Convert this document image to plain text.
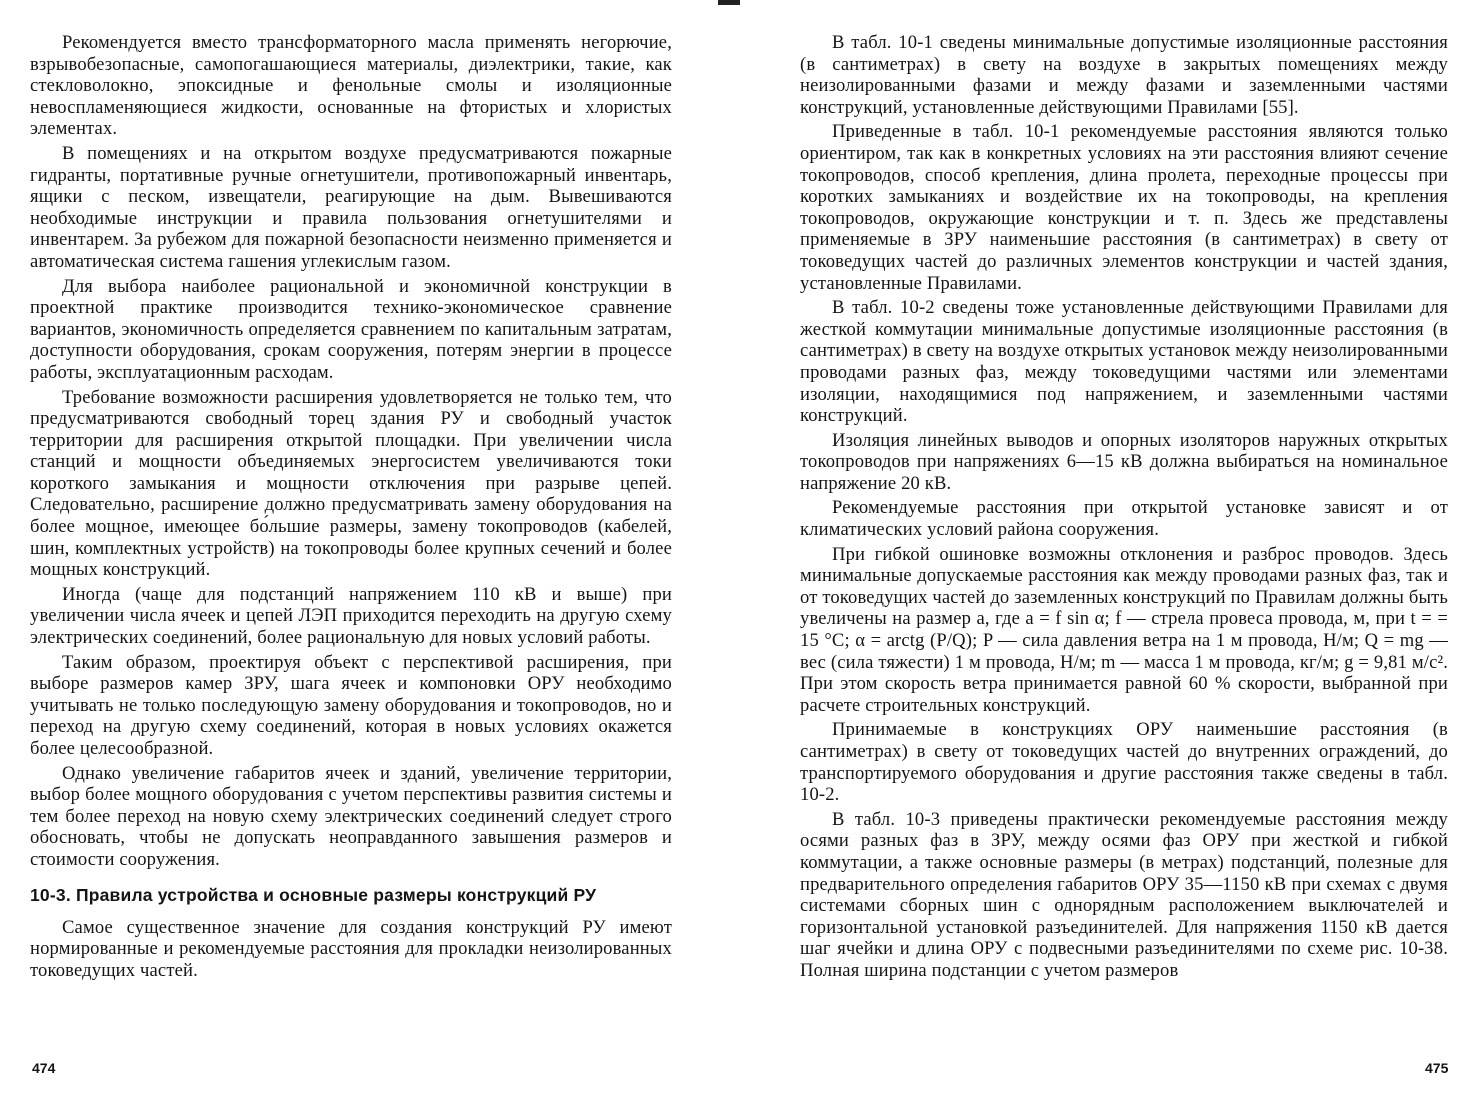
Рекомендуется вместо трансформаторного масла применять негорючие, взрывобезопасные, самопогашающиеся материалы, диэлектрики, такие, как стекловолокно, эпоксидные и фенольные смолы и изоляционные невоспламеняющиеся жидкости, основанные на фтористых и хлористых элементах.

В помещениях и на открытом воздухе предусматриваются пожарные гидранты, портативные ручные огнетушители, противопожарный инвентарь, ящики с песком, извещатели, реагирующие на дым. Вывешиваются необходимые инструкции и правила пользования огнетушителями и инвентарем. За рубежом для пожарной безопасности неизменно применяется и автоматическая система гашения углекислым газом.

Для выбора наиболее рациональной и экономичной конструкции в проектной практике производится технико-экономическое сравнение вариантов, экономичность определяется сравнением по капитальным затратам, доступности оборудования, срокам сооружения, потерям энергии в процессе работы, эксплуатационным расходам.

Требование возможности расширения удовлетворяется не только тем, что предусматриваются свободный торец здания РУ и свободный участок территории для расширения открытой площадки. При увеличении числа станций и мощности объединяемых энергосистем увеличиваются токи короткого замыкания и мощности отключения при разрыве цепей. Следовательно, расширение должно предусматривать замену оборудования на более мощное, имеющее бо́льшие размеры, замену токопроводов (кабелей, шин, комплектных устройств) на токопроводы более крупных сечений и более мощных конструкций.

Иногда (чаще для подстанций напряжением 110 кВ и выше) при увеличении числа ячеек и цепей ЛЭП приходится переходить на другую схему электрических соединений, более рациональную для новых условий работы.

Таким образом, проектируя объект с перспективой расширения, при выборе размеров камер ЗРУ, шага ячеек и компоновки ОРУ необходимо учитывать не только последующую замену оборудования и токопроводов, но и переход на другую схему соединений, которая в новых условиях окажется более целесообразной.

Однако увеличение габаритов ячеек и зданий, увеличение территории, выбор более мощного оборудования с учетом перспективы развития системы и тем более переход на новую схему электрических соединений следует строго обосновать, чтобы не допускать неоправданного завышения размеров и стоимости сооружения.

10-3. Правила устройства и основные размеры конструкций РУ

Самое существенное значение для создания конструкций РУ имеют нормированные и рекомендуемые расстояния для прокладки неизолированных токоведущих частей.

В табл. 10-1 сведены минимальные допустимые изоляционные расстояния (в сантиметрах) в свету на воздухе в закрытых помещениях между неизолированными фазами и между фазами и заземленными частями конструкций, установленные действующими Правилами [55].

Приведенные в табл. 10-1 рекомендуемые расстояния являются только ориентиром, так как в конкретных условиях на эти расстояния влияют сечение токопроводов, способ крепления, длина пролета, переходные процессы при коротких замыканиях и воздействие их на токопроводы, на крепления токопроводов, окружающие конструкции и т. п. Здесь же представлены применяемые в ЗРУ наименьшие расстояния (в сантиметрах) в свету от токоведущих частей до различных элементов конструкции и частей здания, установленные Правилами.

В табл. 10-2 сведены тоже установленные действующими Правилами для жесткой коммутации минимальные допустимые изоляционные расстояния (в сантиметрах) в свету на воздухе открытых установок между неизолированными проводами разных фаз, между токоведущими частями или элементами изоляции, находящимися под напряжением, и заземленными частями конструкций.

Изоляция линейных выводов и опорных изоляторов наружных открытых токопроводов при напряжениях 6—15 кВ должна выбираться на номинальное напряжение 20 кВ.

Рекомендуемые расстояния при открытой установке зависят и от климатических условий района сооружения.

При гибкой ошиновке возможны отклонения и разброс проводов. Здесь минимальные допускаемые расстояния как между проводами разных фаз, так и от токоведущих частей до заземленных конструкций по Правилам должны быть увеличены на размер a, где a = f sin α; f — стрела провеса провода, м, при t = = 15 °C; α = arctg (P/Q); P — сила давления ветра на 1 м провода, Н/м; Q = mg — вес (сила тяжести) 1 м провода, Н/м; m — масса 1 м провода, кг/м; g = 9,81 м/с². При этом скорость ветра принимается равной 60 % скорости, выбранной при расчете строительных конструкций.

Принимаемые в конструкциях ОРУ наименьшие расстояния (в сантиметрах) в свету от токоведущих частей до внутренних ограждений, до транспортируемого оборудования и другие расстояния также сведены в табл. 10-2.

В табл. 10-3 приведены практически рекомендуемые расстояния между осями разных фаз в ЗРУ, между осями фаз ОРУ при жесткой и гибкой коммутации, а также основные размеры (в метрах) подстанций, полезные для предварительного определения габаритов ОРУ 35—1150 кВ при схемах с двумя системами сборных шин с однорядным расположением выключателей и горизонтальной установкой разъединителей. Для напряжения 1150 кВ дается шаг ячейки и длина ОРУ с подвесными разъединителями по схеме рис. 10-38. Полная ширина подстанции с учетом размеров

474	475
